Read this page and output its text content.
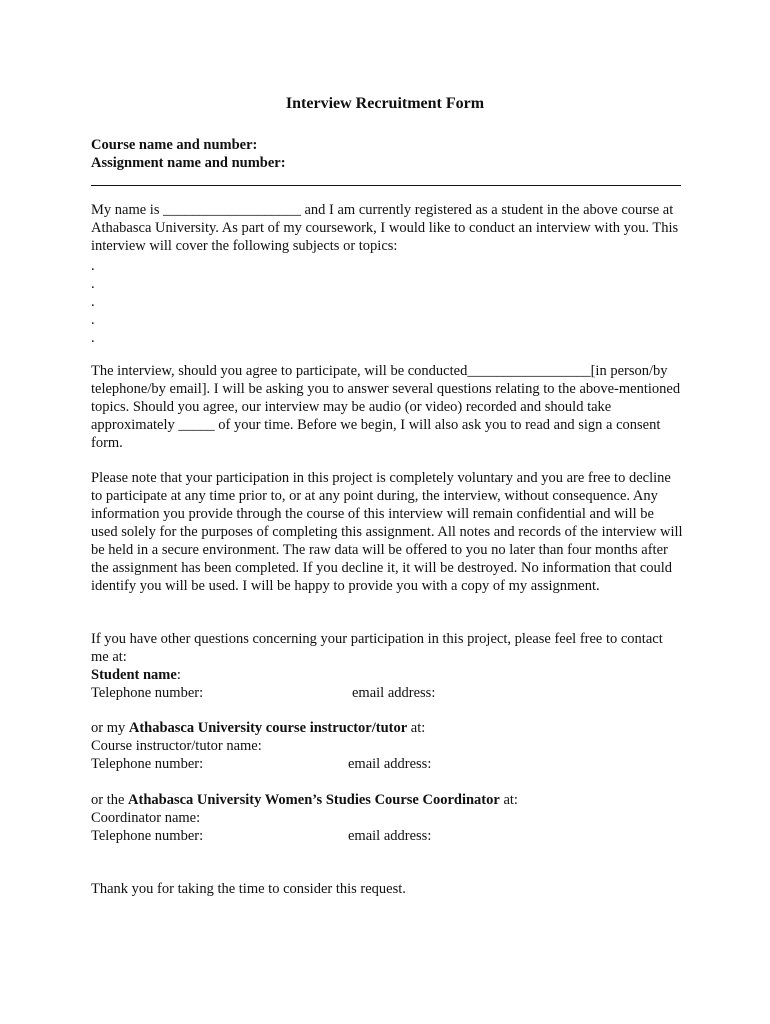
Interview Recruitment Form
Course name and number:
Assignment name and number:

My name is ___________________ and I am currently registered as a student in the above course at Athabasca University. As part of my coursework, I would like to conduct an interview with you. This interview will cover the following subjects or topics:

.
.
.
.
.

The interview, should you agree to participate, will be conducted_________________[in person/by telephone/by email]. I will be asking you to answer several questions relating to the above-mentioned topics. Should you agree, our interview may be audio (or video) recorded and should take approximately _____ of your time. Before we begin, I will also ask you to read and sign a consent form.

Please note that your participation in this project is completely voluntary and you are free to decline to participate at any time prior to, or at any point during, the interview, without consequence. Any information you provide through the course of this interview will remain confidential and will be used solely for the purposes of completing this assignment. All notes and records of the interview will be held in a secure environment. The raw data will be offered to you no later than four months after the assignment has been completed. If you decline it, it will be destroyed. No information that could identify you will be used. I will be happy to provide you with a copy of my assignment.

If you have other questions concerning your participation in this project, please feel free to contact me at:

Student name:
Telephone number:	email address:
or my Athabasca University course instructor/tutor at:
Course instructor/tutor name:
Telephone number:	email address:
or the Athabasca University Women’s Studies Course Coordinator at:
Coordinator name:
Telephone number:	email address:

Thank you for taking the time to consider this request.
